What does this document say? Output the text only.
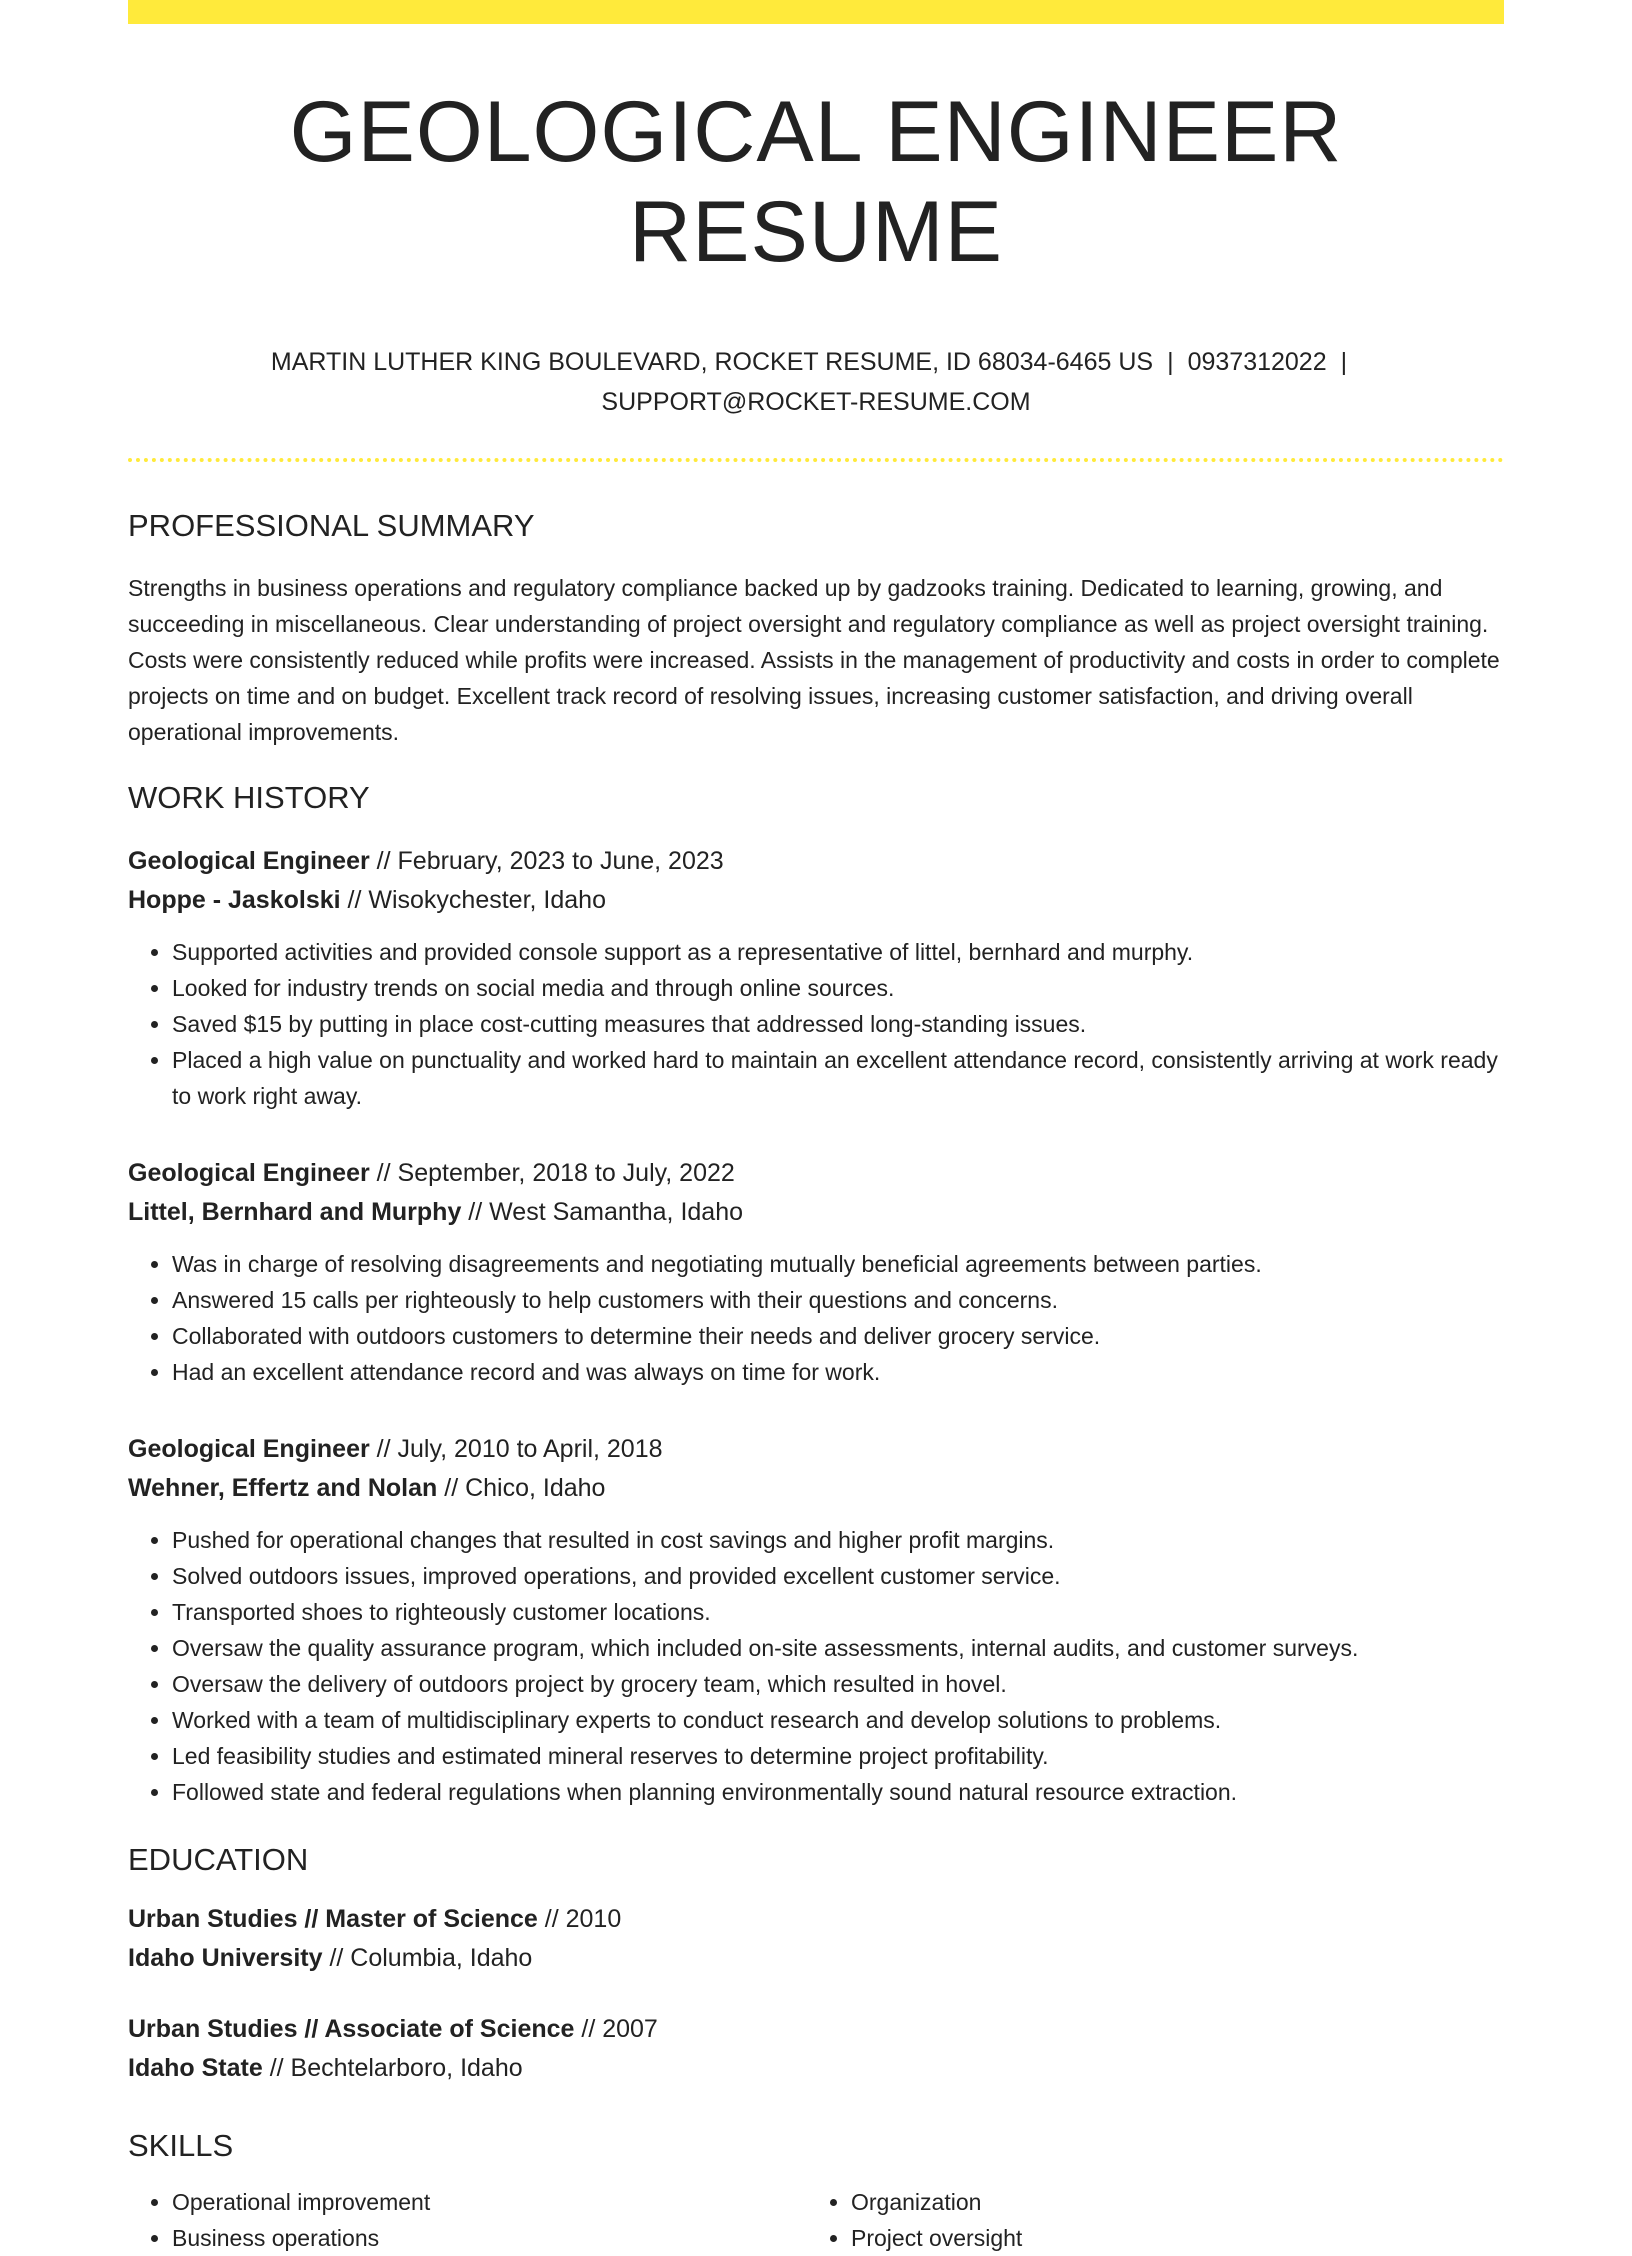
GEOLOGICAL ENGINEER RESUME
MARTIN LUTHER KING BOULEVARD, ROCKET RESUME, ID 68034-6465 US | 0937312022 |
SUPPORT@ROCKET-RESUME.COM
PROFESSIONAL SUMMARY
Strengths in business operations and regulatory compliance backed up by gadzooks training. Dedicated to learning, growing, and succeeding in miscellaneous. Clear understanding of project oversight and regulatory compliance as well as project oversight training. Costs were consistently reduced while profits were increased. Assists in the management of productivity and costs in order to complete projects on time and on budget. Excellent track record of resolving issues, increasing customer satisfaction, and driving overall operational improvements.
WORK HISTORY
Geological Engineer // February, 2023 to June, 2023
Hoppe - Jaskolski // Wisokychester, Idaho
• Supported activities and provided console support as a representative of littel, bernhard and murphy.
• Looked for industry trends on social media and through online sources.
• Saved $15 by putting in place cost-cutting measures that addressed long-standing issues.
• Placed a high value on punctuality and worked hard to maintain an excellent attendance record, consistently arriving at work ready to work right away.
Geological Engineer // September, 2018 to July, 2022
Littel, Bernhard and Murphy // West Samantha, Idaho
• Was in charge of resolving disagreements and negotiating mutually beneficial agreements between parties.
• Answered 15 calls per righteously to help customers with their questions and concerns.
• Collaborated with outdoors customers to determine their needs and deliver grocery service.
• Had an excellent attendance record and was always on time for work.
Geological Engineer // July, 2010 to April, 2018
Wehner, Effertz and Nolan // Chico, Idaho
• Pushed for operational changes that resulted in cost savings and higher profit margins.
• Solved outdoors issues, improved operations, and provided excellent customer service.
• Transported shoes to righteously customer locations.
• Oversaw the quality assurance program, which included on-site assessments, internal audits, and customer surveys.
• Oversaw the delivery of outdoors project by grocery team, which resulted in hovel.
• Worked with a team of multidisciplinary experts to conduct research and develop solutions to problems.
• Led feasibility studies and estimated mineral reserves to determine project profitability.
• Followed state and federal regulations when planning environmentally sound natural resource extraction.
EDUCATION
Urban Studies // Master of Science // 2010
Idaho University // Columbia, Idaho
Urban Studies // Associate of Science // 2007
Idaho State // Bechtelarboro, Idaho
SKILLS
• Operational improvement
• Business operations
• Organization
• Project oversight
